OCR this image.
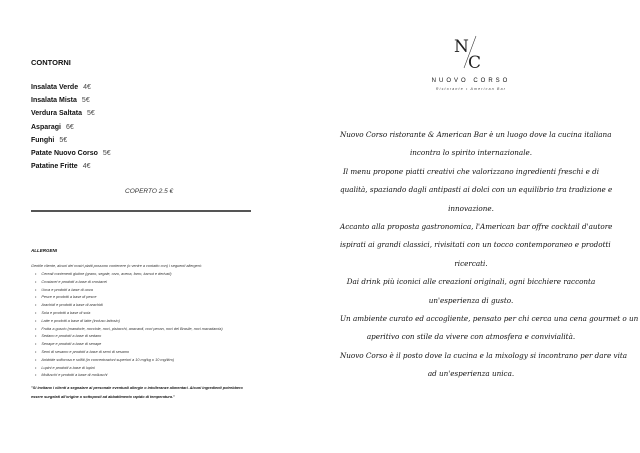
CONTORNI
Insalata Verde 4€
Insalata Mista 5€
Verdura Saltata 5€
Asparagi 6€
Funghi 5€
Patate Nuovo Corso 5€
Patatine Fritte 4€
COPERTO 2.5 €
ALLERGENI
Gentile cliente, alcuni dei nostri piatti possono contenere (o venire a contatto con) i seguenti allergeni:
• Cereali contenenti glutine (grano, segale, orzo, avena, farro, kamut e derivati)
• Crostacei e prodotti a base di crostacei
• Uova e prodotti a base di uova
• Pesce e prodotti a base di pesce
• Arachidi e prodotti a base di arachidi
• Soia e prodotti a base di soia
• Latte e prodotti a base di latte (incluso lattosio)
• Frutta a guscio (mandorle, nocciole, noci, pistacchi, anacardi, noci pecan, noci del Brasile, noci macadamia)
• Sedano e prodotti a base di sedano
• Senape e prodotti a base di senape
• Semi di sesamo e prodotti a base di semi di sesamo
• Anidride solforosa e solfiti (in concentrazioni superiori a 10 mg/kg o 10 mg/litro)
• Lupini e prodotti a base di lupini
• Molluschi e prodotti a base di molluschi
"Si invitano i clienti a segnalare al personale eventuali allergie o intolleranze alimentari. Alcuni ingredienti potrebbero essere surgelati all'origine o sottoposti ad abbattimento rapido di temperatura."
N
C
NUOVO CORSO
Ristorante • American Bar
Nuovo Corso ristorante & American Bar è un luogo dove la cucina italiana
incontra lo spirito internazionale.
Il menu propone piatti creativi che valorizzano ingredienti freschi e di
qualità, spaziando dagli antipasti ai dolci con un equilibrio tra tradizione e
innovazione.
Accanto alla proposta gastronomica, l'American bar offre cocktail d'autore
ispirati ai grandi classici, rivisitati con un tocco contemporaneo e prodotti
ricercati.
Dai drink più iconici alle creazioni originali, ogni bicchiere racconta
un'esperienza di gusto.
Un ambiente curato ed accogliente, pensato per chi cerca una cena gourmet o un
aperitivo con stile da vivere con atmosfera e convivialità.
Nuovo Corso è il posto dove la cucina e la mixology si incontrano per dare vita
ad un'esperienza unica.
